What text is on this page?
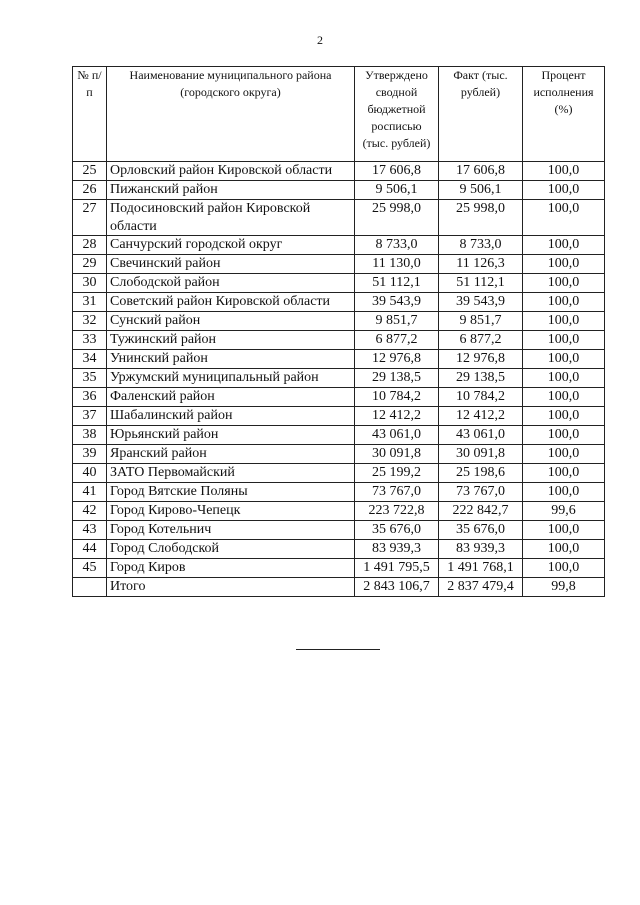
2
№ п/п	Наименование муниципального района (городского округа)	Утверждено сводной бюджетной росписью (тыс. рублей)	Факт (тыс. рублей)	Процент исполнения (%)
25	Орловский район Кировской области	17 606,8	17 606,8	100,0
26	Пижанский район	9 506,1	9 506,1	100,0
27	Подосиновский район Кировской области	25 998,0	25 998,0	100,0
28	Санчурский городской округ	8 733,0	8 733,0	100,0
29	Свечинский район	11 130,0	11 126,3	100,0
30	Слободской район	51 112,1	51 112,1	100,0
31	Советский район Кировской области	39 543,9	39 543,9	100,0
32	Сунский район	9 851,7	9 851,7	100,0
33	Тужинский район	6 877,2	6 877,2	100,0
34	Унинский район	12 976,8	12 976,8	100,0
35	Уржумский муниципальный район	29 138,5	29 138,5	100,0
36	Фаленский район	10 784,2	10 784,2	100,0
37	Шабалинский район	12 412,2	12 412,2	100,0
38	Юрьянский район	43 061,0	43 061,0	100,0
39	Яранский район	30 091,8	30 091,8	100,0
40	ЗАТО Первомайский	25 199,2	25 198,6	100,0
41	Город Вятские Поляны	73 767,0	73 767,0	100,0
42	Город Кирово-Чепецк	223 722,8	222 842,7	99,6
43	Город Котельнич	35 676,0	35 676,0	100,0
44	Город Слободской	83 939,3	83 939,3	100,0
45	Город Киров	1 491 795,5	1 491 768,1	100,0
	Итого	2 843 106,7	2 837 479,4	99,8
